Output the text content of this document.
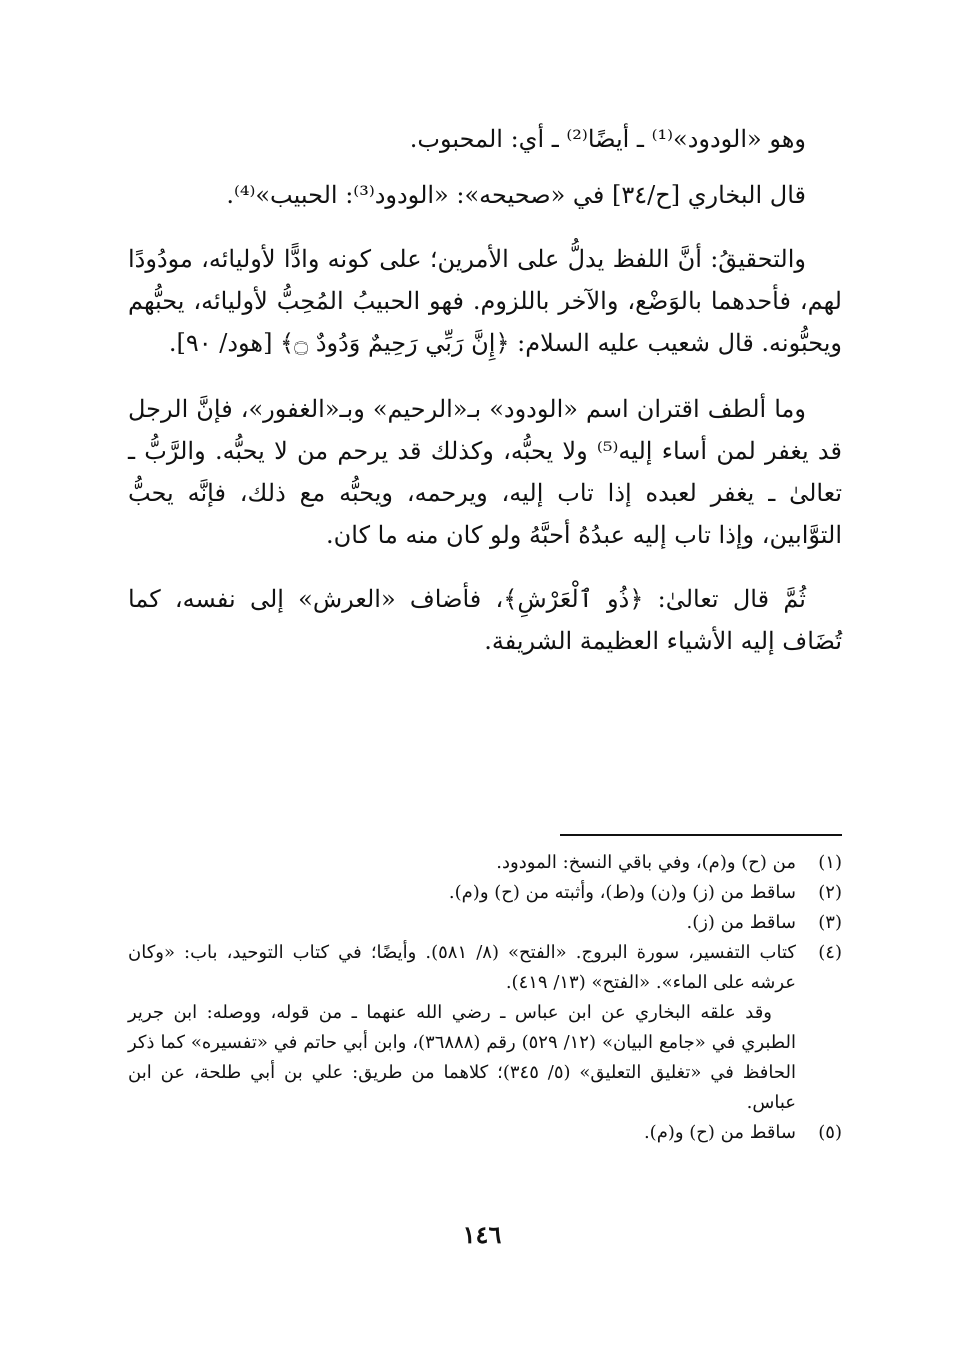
وهو «الودود»⁽¹⁾ ـ أيضًا⁽²⁾ ـ أي: المحبوب.

قال البخاري [ح/٣٤] في «صحيحه»: «الودود⁽³⁾: الحبيب»⁽⁴⁾.

والتحقيقُ: أنَّ اللفظ يدلُّ على الأمرين؛ على كونه وادًّا لأوليائه، مودُودًا لهم، فأحدهما بالوَضْع، والآخر باللزوم. فهو الحبيبُ المُحِبُّ لأوليائه، يحبُّهم ويحبُّونه. قال شعيب عليه السلام: ﴿إِنَّ رَبِّي رَحِيمٌ وَدُودٌ ۝﴾ [هود/ ٩٠].

وما ألطف اقتران اسم «الودود» بـ«الرحيم» وبـ«الغفور»، فإنَّ الرجل قد يغفر لمن أساء إليه⁽⁵⁾ ولا يحبُّه، وكذلك قد يرحم من لا يحبُّه. والرَّبُّ ـ تعالىٰ ـ يغفر لعبده إذا تاب إليه، ويرحمه، ويحبُّه مع ذلك، فإنَّه يحبُّ التوَّابين، وإذا تاب إليه عبدُهُ أحبَّهُ ولو كان منه ما كان.

ثُمَّ قال تعالىٰ: ﴿ذُو ٱلْعَرْشِ﴾، فأضاف «العرش» إلى نفسه، كما تُضَاف إليه الأشياء العظيمة الشريفة.

(١)
من (ح) و(م)، وفي باقي النسخ: المودود.
(٢)
ساقط من (ز) و(ن) و(ط)، وأثبته من (ح) و(م).
(٣)
ساقط من (ز).
(٤)
كتاب التفسير، سورة البروج. «الفتح» (٨/ ٥٨١). وأيضًا؛ في كتاب التوحيد، باب: «وكان عرشه على الماء». «الفتح» (١٣/ ٤١٩).
وقد علقه البخاري عن ابن عباس ـ رضي الله عنهما ـ من قوله، ووصله: ابن جرير الطبري في «جامع البيان» (١٢/ ٥٢٩) رقم (٣٦٨٨٨)، وابن أبي حاتم في «تفسيره» كما ذكر الحافظ في «تغليق التعليق» (٥/ ٣٤٥)؛ كلاهما من طريق: علي بن أبي طلحة، عن ابن عباس.
(٥)
ساقط من (ح) و(م).
١٤٦
